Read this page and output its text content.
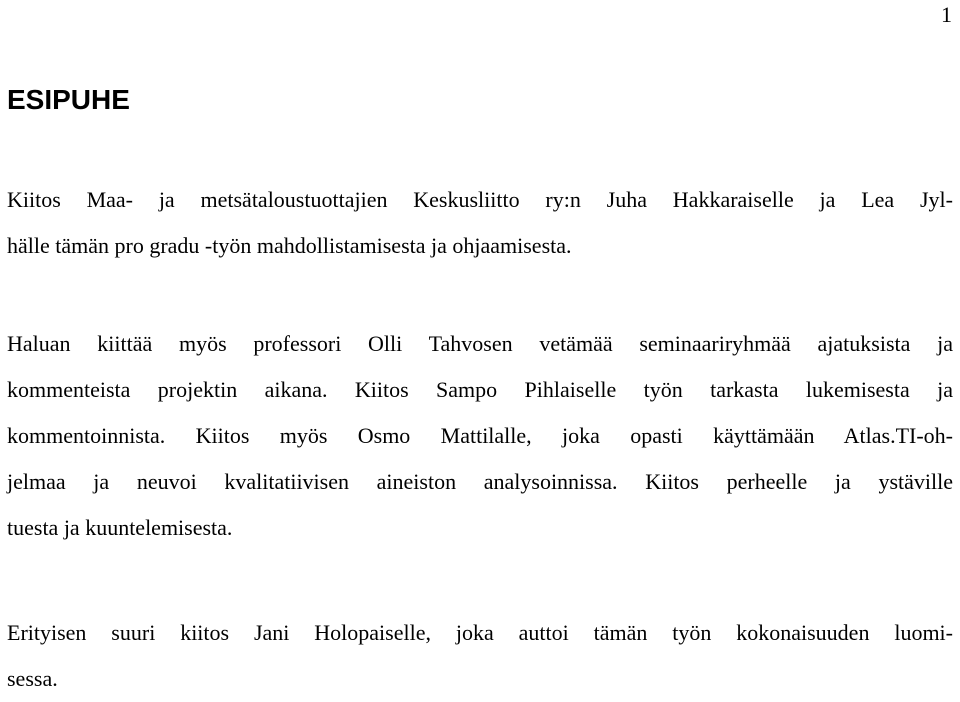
1
ESIPUHE

Kiitos Maa- ja metsätaloustuottajien Keskusliitto ry:n Juha Hakkaraiselle ja Lea Jyl-
hälle tämän pro gradu -työn mahdollistamisesta ja ohjaamisesta.

Haluan kiittää myös professori Olli Tahvosen vetämää seminaariryhmää ajatuksista ja
kommenteista projektin aikana. Kiitos Sampo Pihlaiselle työn tarkasta lukemisesta ja
kommentoinnista. Kiitos myös Osmo Mattilalle, joka opasti käyttämään Atlas.TI-oh-
jelmaa ja neuvoi kvalitatiivisen aineiston analysoinnissa. Kiitos perheelle ja ystäville
tuesta ja kuuntelemisesta.

Erityisen suuri kiitos Jani Holopaiselle, joka auttoi tämän työn kokonaisuuden luomi-
sessa.
